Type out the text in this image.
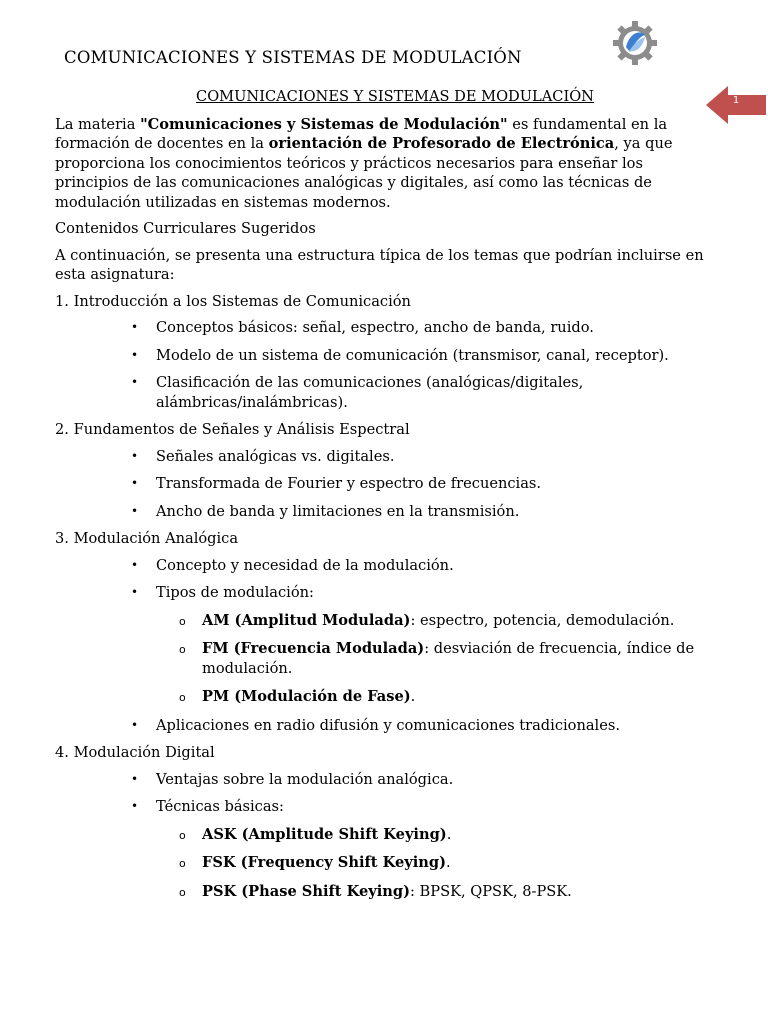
COMUNICACIONES Y SISTEMAS DE MODULACIÓN
1
COMUNICACIONES Y SISTEMAS DE MODULACIÓN

La materia "Comunicaciones y Sistemas de Modulación" es fundamental en la formación de docentes en la orientación de Profesorado de Electrónica, ya que proporciona los conocimientos teóricos y prácticos necesarios para enseñar los principios de las comunicaciones analógicas y digitales, así como las técnicas de modulación utilizadas en sistemas modernos.

Contenidos Curriculares Sugeridos

A continuación, se presenta una estructura típica de los temas que podrían incluirse en esta asignatura:

1. Introducción a los Sistemas de Comunicación

• Conceptos básicos: señal, espectro, ancho de banda, ruido.
• Modelo de un sistema de comunicación (transmisor, canal, receptor).
• Clasificación de las comunicaciones (analógicas/digitales, alámbricas/inalámbricas).

2. Fundamentos de Señales y Análisis Espectral

• Señales analógicas vs. digitales.
• Transformada de Fourier y espectro de frecuencias.
• Ancho de banda y limitaciones en la transmisión.

3. Modulación Analógica

• Concepto y necesidad de la modulación.
• Tipos de modulación:
o AM (Amplitud Modulada): espectro, potencia, demodulación.
o FM (Frecuencia Modulada): desviación de frecuencia, índice de modulación.
o PM (Modulación de Fase).
• Aplicaciones en radio difusión y comunicaciones tradicionales.

4. Modulación Digital

• Ventajas sobre la modulación analógica.
• Técnicas básicas:
o ASK (Amplitude Shift Keying).
o FSK (Frequency Shift Keying).
o PSK (Phase Shift Keying): BPSK, QPSK, 8-PSK.
